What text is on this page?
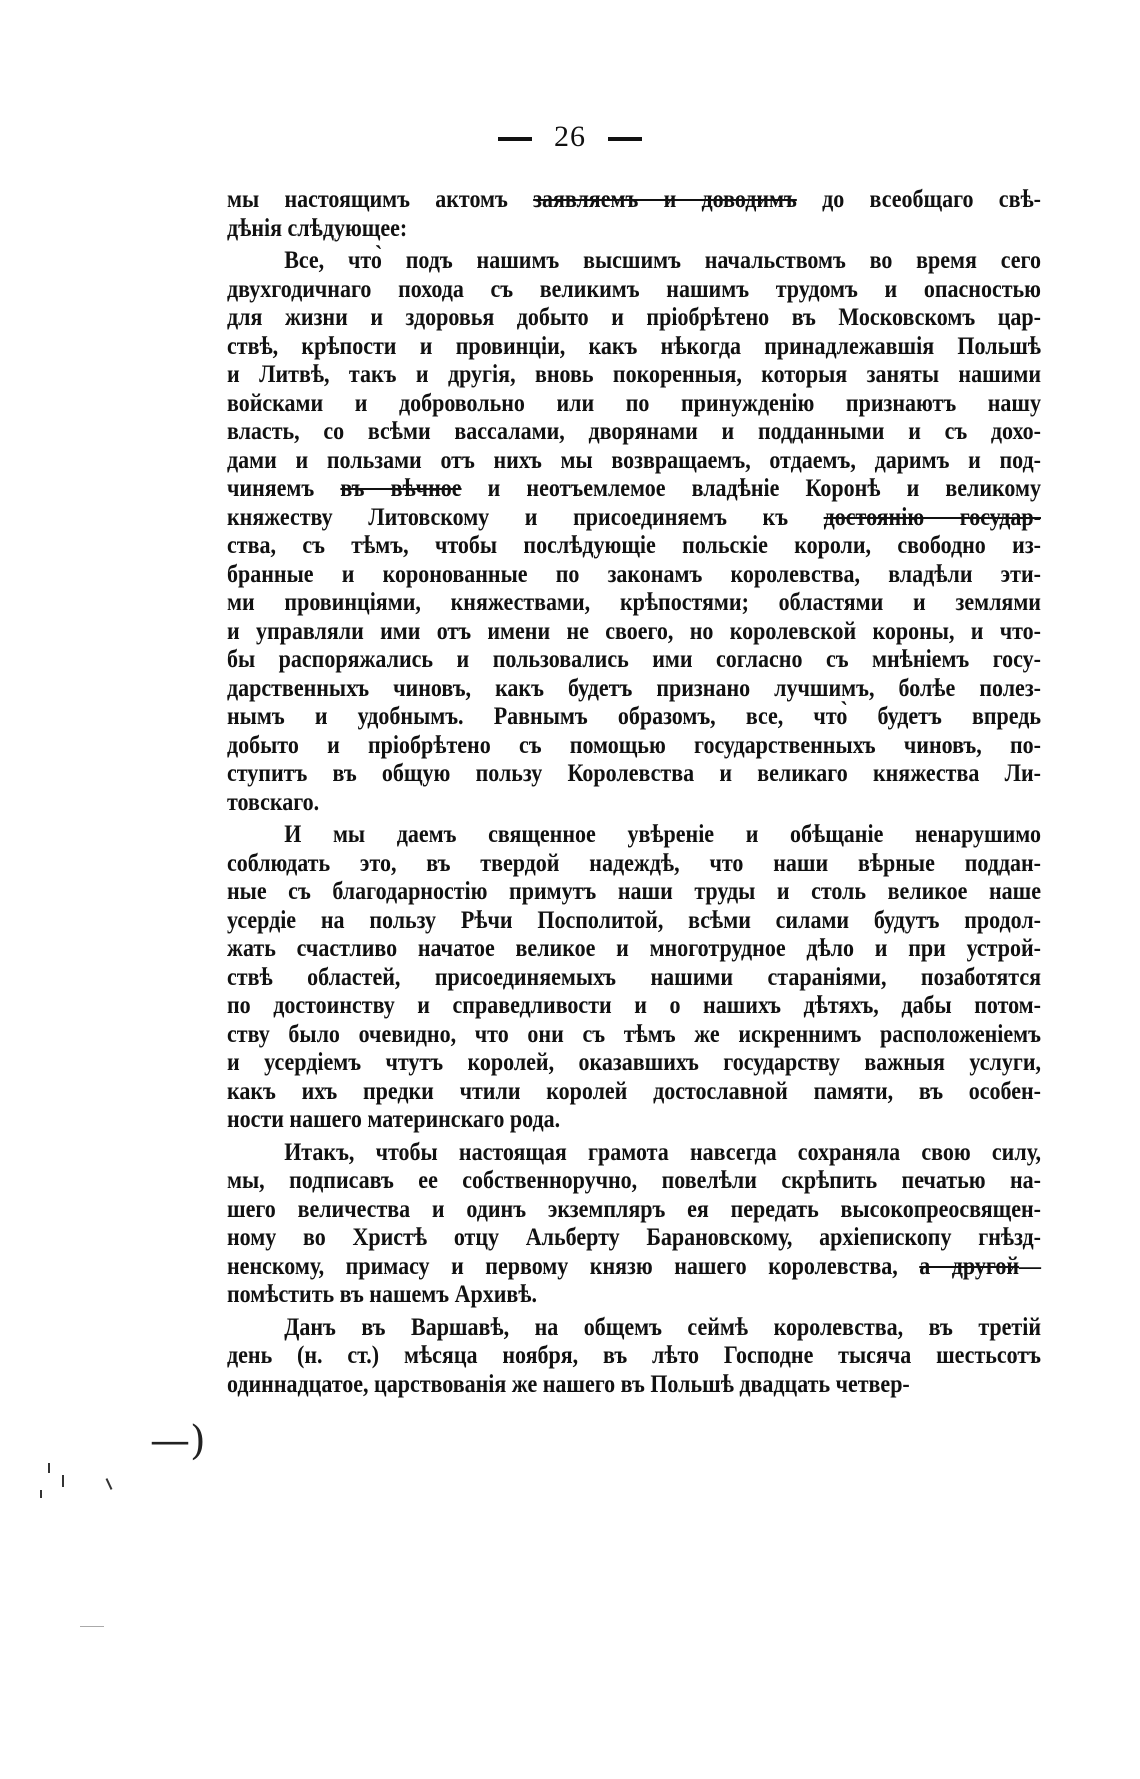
26
мы настоящимъ актомъ заявляемъ и доводимъ до всеобщаго свѣ-
дѣнія слѣдующее:
Все, что̀ подъ нашимъ высшимъ начальствомъ во время сего
двухгодичнаго похода съ великимъ нашимъ трудомъ и опасностью
для жизни и здоровья добыто и пріобрѣтено въ Московскомъ цар-
ствѣ, крѣпости и провинціи, какъ нѣкогда принадлежавшія Польшѣ
и Литвѣ, такъ и другія, вновь покоренныя, которыя заняты нашими
войсками и добровольно или по принужденію признаютъ нашу
власть, со всѣми вассалами, дворянами и подданными и съ дохо-
дами и пользами отъ нихъ мы возвращаемъ, отдаемъ, даримъ и под-
чиняемъ въ вѣчное и неотъемлемое владѣніе Коронѣ и великому
княжеству Литовскому и присоединяемъ къ достоянію государ-
ства, съ тѣмъ, чтобы послѣдующіе польскіе короли, свободно из-
бранные и коронованные по законамъ королевства, владѣли эти-
ми провинціями, княжествами, крѣпостями; областями и землями
и управляли ими отъ имени не своего, но королевской короны, и что-
бы распоряжались и пользовались ими согласно съ мнѣніемъ госу-
дарственныхъ чиновъ, какъ будетъ признано лучшимъ, болѣе полез-
нымъ и удобнымъ. Равнымъ образомъ, все, что̀ будетъ впредь
добыто и пріобрѣтено съ помощью государственныхъ чиновъ, по-
ступитъ въ общую пользу Королевства и великаго княжества Ли-
товскаго.
И мы даемъ священное увѣреніе и обѣщаніе ненарушимо
соблюдать это, въ твердой надеждѣ, что наши вѣрные поддан-
ные съ благодарностію примутъ наши труды и столь великое наше
усердіе на пользу Рѣчи Посполитой, всѣми силами будутъ продол-
жать счастливо начатое великое и многотрудное дѣло и при устрой-
ствѣ областей, присоединяемыхъ нашими стараніями, позаботятся
по достоинству и справедливости и о нашихъ дѣтяхъ, дабы потом-
ству было очевидно, что они съ тѣмъ же искреннимъ расположеніемъ
и усердіемъ чтутъ королей, оказавшихъ государству важныя услуги,
какъ ихъ предки чтили королей достославной памяти, въ особен-
ности нашего материнскаго рода.
Итакъ, чтобы настоящая грамота навсегда сохраняла свою силу,
мы, подписавъ ее собственноручно, повелѣли скрѣпить печатью на-
шего величества и одинъ экземпляръ ея передать высокопреосвящен-
ному во Христѣ отцу Альберту Барановскому, архіепископу гнѣзд-
ненскому, примасу и первому князю нашего королевства, а другой—
помѣстить въ нашемъ Архивѣ.
Данъ въ Варшавѣ, на общемъ сеймѣ королевства, въ третій
день (н. ст.) мѣсяца ноября, въ лѣто Господне тысяча шестьсотъ
одиннадцатое, царствованія же нашего въ Польшѣ двадцать четвер-
—)
